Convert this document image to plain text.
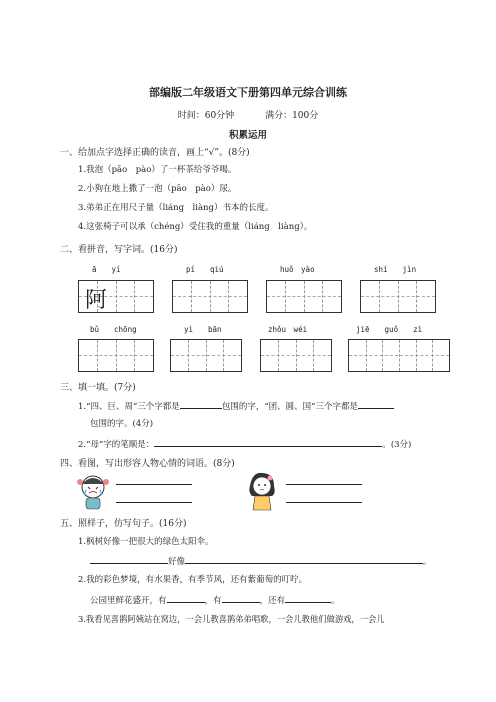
部编版二年级语文下册第四单元综合训练
时间：60分钟	满分：100分
积累运用
一、给加点字选择正确的读音，画上“√”。(8分)
1.我泡（pāo　pào）了一杯茶给爷爷喝。
2.小狗在地上撒了一泡（pāo　pào）尿。
3.弟弟正在用尺子量（liáng　liàng）书本的长度。
4.这张椅子可以承（chéng）受住我的重量（liáng　liàng）。
二、看拼音，写字词。(16分)
ā　　yí	pí　　qiú	huǒ　yào	shí　　jìn
阿
bǔ　　chōng	yì　　bān	zhǒu　wéi	jiē　　guǒ　　zì
三、填一填。(7分)
1.“四、巨、周”三个字都是	包围的字，“团、圆、国”三个字都是
包围的字。(4分)
2.“母”字的笔顺是：	。(3分)
四、看图，写出形容人物心情的词语。(8分)
五、照样子，仿写句子。(16分)
1.枫树好像一把很大的绿色太阳伞。
好像	。
2.我的彩色梦境，有水果香，有季节风，还有紫葡萄的叮咛。
公园里鲜花盛开，有	，有	，还有	。
3.我看见喜鹊阿姨站在窝边，一会儿教喜鹊弟弟唱歌，一会儿教他们做游戏，一会儿
